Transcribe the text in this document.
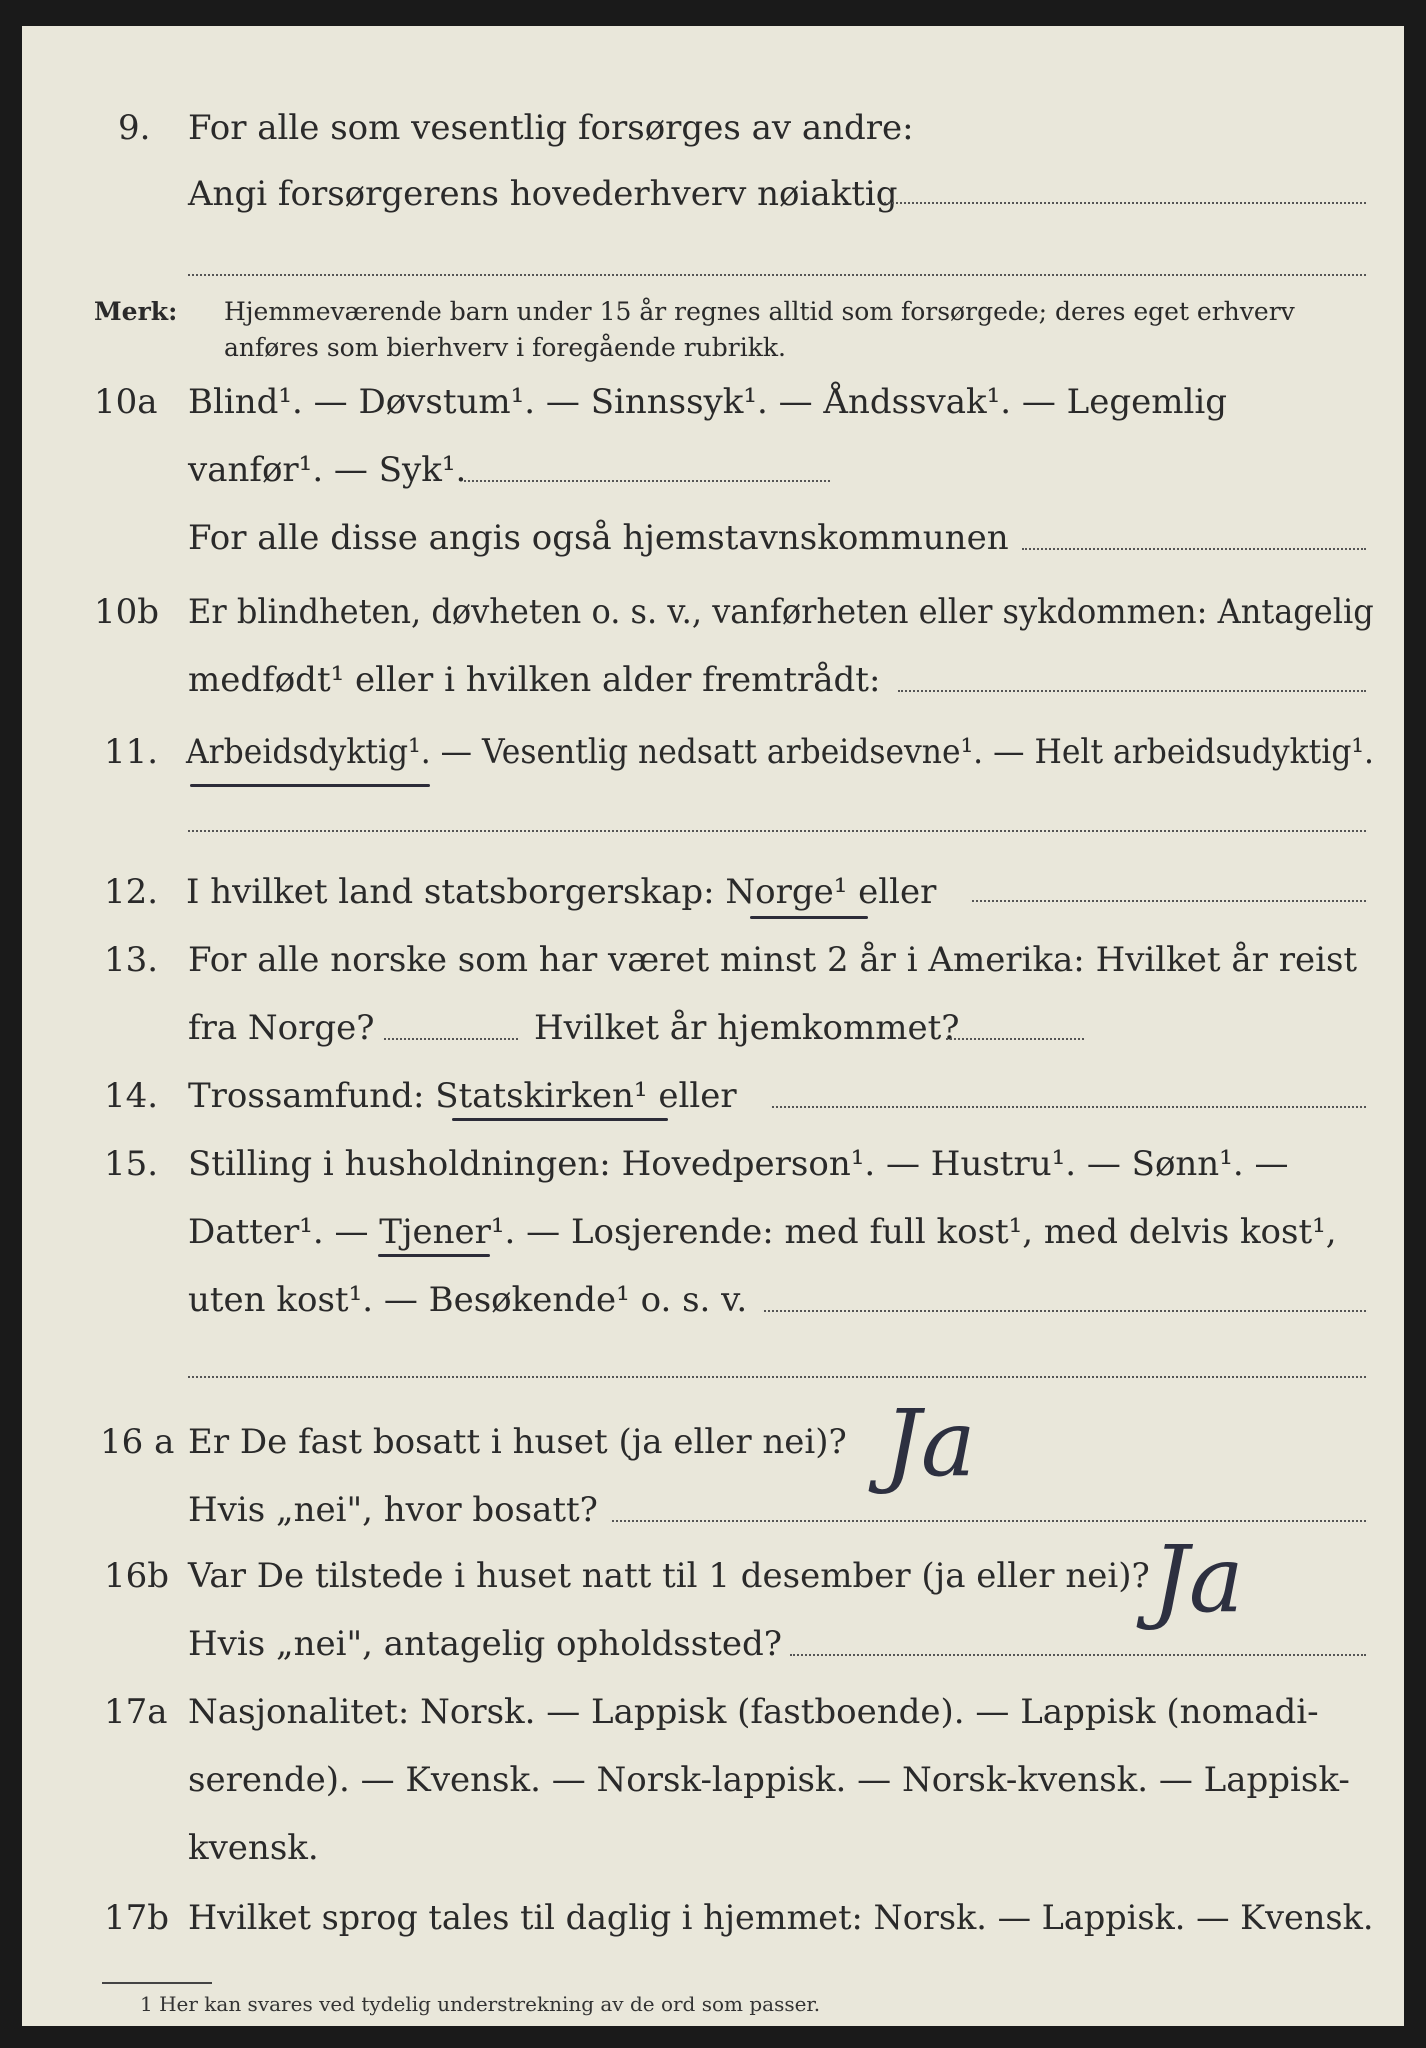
9. For alle som vesentlig forsørges av andre:
Angi forsørgerens hovederhverv nøiaktig
Merk: Hjemmeværende barn under 15 år regnes alltid som forsørgede; deres eget erhverv
anføres som bierhverv i foregående rubrikk.
10a Blind¹. — Døvstum¹. — Sinnssyk¹. — Åndssvak¹. — Legemlig
vanfør¹. — Syk¹.
For alle disse angis også hjemstavnskommunen
10b Er blindheten, døvheten o. s. v., vanførheten eller sykdommen: Antagelig
medfødt¹ eller i hvilken alder fremtrådt:
11. Arbeidsdyktig¹. — Vesentlig nedsatt arbeidsevne¹. — Helt arbeidsudyktig¹.
12. I hvilket land statsborgerskap: Norge¹ eller
13. For alle norske som har været minst 2 år i Amerika: Hvilket år reist
fra Norge?	Hvilket år hjemkommet?
14. Trossamfund: Statskirken¹ eller
15. Stilling i husholdningen: Hovedperson¹. — Hustru¹. — Sønn¹. —
Datter¹. — Tjener¹. — Losjerende: med full kost¹, med delvis kost¹,
uten kost¹. — Besøkende¹ o. s. v.
16 a Er De fast bosatt i huset (ja eller nei)? Ja
Hvis „nei", hvor bosatt?
16b Var De tilstede i huset natt til 1 desember (ja eller nei)? Ja
Hvis „nei", antagelig opholdssted?
17a Nasjonalitet: Norsk. — Lappisk (fastboende). — Lappisk (nomadi-
serende). — Kvensk. — Norsk-lappisk. — Norsk-kvensk. — Lappisk-
kvensk.
17b Hvilket sprog tales til daglig i hjemmet: Norsk. — Lappisk. — Kvensk.
1 Her kan svares ved tydelig understrekning av de ord som passer.
